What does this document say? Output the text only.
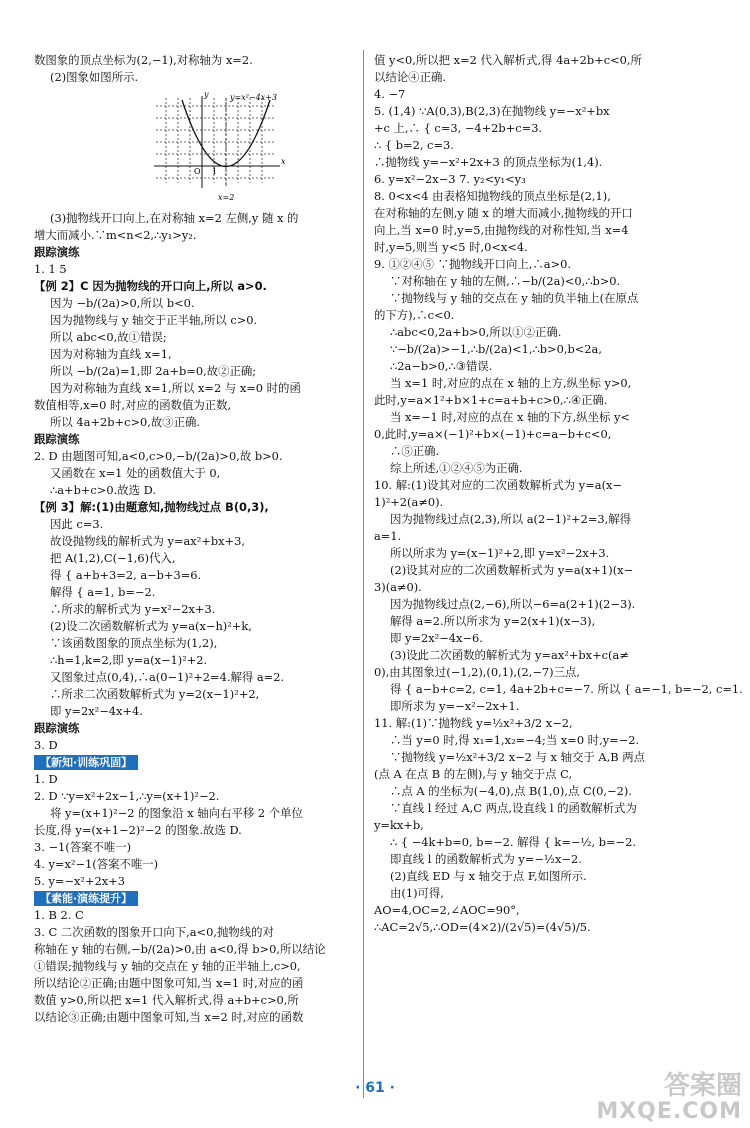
数图象的顶点坐标为(2,−1),对称轴为 x=2.
(2)图象如图所示.
y=x²−4x+3
x
y
O 1
x=2
(3)抛物线开口向上,在对称轴 x=2 左侧,y 随 x 的
增大而减小.∵m<n<2,∴y₁>y₂.
跟踪演练
1. 1 5
【例 2】C 因为抛物线的开口向上,所以 a>0.
因为 −b/(2a)>0,所以 b<0.
因为抛物线与 y 轴交于正半轴,所以 c>0.
所以 abc<0,故①错误;
因为对称轴为直线 x=1,
所以 −b/(2a)=1,即 2a+b=0,故②正确;
因为对称轴为直线 x=1,所以 x=2 与 x=0 时的函
数值相等,x=0 时,对应的函数值为正数,
所以 4a+2b+c>0,故③正确.
跟踪演练
2. D 由题图可知,a<0,c>0,−b/(2a)>0,故 b>0.
又函数在 x=1 处的函数值大于 0,
∴a+b+c>0.故选 D.
【例 3】解:(1)由题意知,抛物线过点 B(0,3),
因此 c=3.
故设抛物线的解析式为 y=ax²+bx+3,
把 A(1,2),C(−1,6)代入,
得 { a+b+3=2, a−b+3=6.
解得 { a=1, b=−2.
∴所求的解析式为 y=x²−2x+3.
(2)设二次函数解析式为 y=a(x−h)²+k,
∵该函数图象的顶点坐标为(1,2),
∴h=1,k=2,即 y=a(x−1)²+2.
又图象过点(0,4),∴a(0−1)²+2=4.解得 a=2.
∴所求二次函数解析式为 y=2(x−1)²+2,
即 y=2x²−4x+4.
跟踪演练
3. D
【新知·训练巩固】
1. D
2. D ∵y=x²+2x−1,∴y=(x+1)²−2.
将 y=(x+1)²−2 的图象沿 x 轴向右平移 2 个单位
长度,得 y=(x+1−2)²−2 的图象.故选 D.
3. −1(答案不唯一)
4. y=x²−1(答案不唯一)
5. y=−x²+2x+3
【素能·演练提升】
1. B 2. C
3. C 二次函数的图象开口向下,a<0,抛物线的对
称轴在 y 轴的右侧,−b/(2a)>0,由 a<0,得 b>0,所以结论
①错误;抛物线与 y 轴的交点在 y 轴的正半轴上,c>0,
所以结论②正确;由题中图象可知,当 x=1 时,对应的函
数值 y>0,所以把 x=1 代入解析式,得 a+b+c>0,所
以结论③正确;由题中图象可知,当 x=2 时,对应的函数
值 y<0,所以把 x=2 代入解析式,得 4a+2b+c<0,所
以结论④正确.
4. −7
5. (1,4) ∵A(0,3),B(2,3)在抛物线 y=−x²+bx
+c 上,∴ { c=3, −4+2b+c=3.
∴ { b=2, c=3.
∴抛物线 y=−x²+2x+3 的顶点坐标为(1,4).
6. y=x²−2x−3 7. y₂<y₁<y₃
8. 0<x<4 由表格知抛物线的顶点坐标是(2,1),
在对称轴的左侧,y 随 x 的增大而减小,抛物线的开口
向上,当 x=0 时,y=5,由抛物线的对称性知,当 x=4
时,y=5,则当 y<5 时,0<x<4.
9. ①②④⑤ ∵抛物线开口向上,∴a>0.
∵对称轴在 y 轴的左侧,∴−b/(2a)<0,∴b>0.
∵抛物线与 y 轴的交点在 y 轴的负半轴上(在原点
的下方),∴c<0.
∴abc<0,2a+b>0,所以①②正确.
∵−b/(2a)>−1,∴b/(2a)<1,∴b>0,b<2a,
∴2a−b>0,∴③错误.
当 x=1 时,对应的点在 x 轴的上方,纵坐标 y>0,
此时,y=a×1²+b×1+c=a+b+c>0,∴④正确.
当 x=−1 时,对应的点在 x 轴的下方,纵坐标 y<
0,此时,y=a×(−1)²+b×(−1)+c=a−b+c<0,
∴⑤正确.
综上所述,①②④⑤为正确.
10. 解:(1)设其对应的二次函数解析式为 y=a(x−
1)²+2(a≠0).
因为抛物线过点(2,3),所以 a(2−1)²+2=3,解得
a=1.
所以所求为 y=(x−1)²+2,即 y=x²−2x+3.
(2)设其对应的二次函数解析式为 y=a(x+1)(x−
3)(a≠0).
因为抛物线过点(2,−6),所以−6=a(2+1)(2−3).
解得 a=2.所以所求为 y=2(x+1)(x−3),
即 y=2x²−4x−6.
(3)设此二次函数的解析式为 y=ax²+bx+c(a≠
0),由其图象过(−1,2),(0,1),(2,−7)三点,
得 { a−b+c=2, c=1, 4a+2b+c=−7. 所以 { a=−1, b=−2, c=1.
即所求为 y=−x²−2x+1.
11. 解:(1)∵抛物线 y=½x²+3/2 x−2,
∴当 y=0 时,得 x₁=1,x₂=−4;当 x=0 时,y=−2.
∵抛物线 y=½x²+3/2 x−2 与 x 轴交于 A,B 两点
(点 A 在点 B 的左侧),与 y 轴交于点 C,
∴点 A 的坐标为(−4,0),点 B(1,0),点 C(0,−2).
∵直线 l 经过 A,C 两点,设直线 l 的函数解析式为
y=kx+b,
∴ { −4k+b=0, b=−2. 解得 { k=−½, b=−2.
即直线 l 的函数解析式为 y=−½x−2.
(2)直线 ED 与 x 轴交于点 F,如图所示.
由(1)可得,
AO=4,OC=2,∠AOC=90°,
∴AC=2√5,∴OD=(4×2)/(2√5)=(4√5)/5.
· 61 ·	答案圈
MXQE.COM
